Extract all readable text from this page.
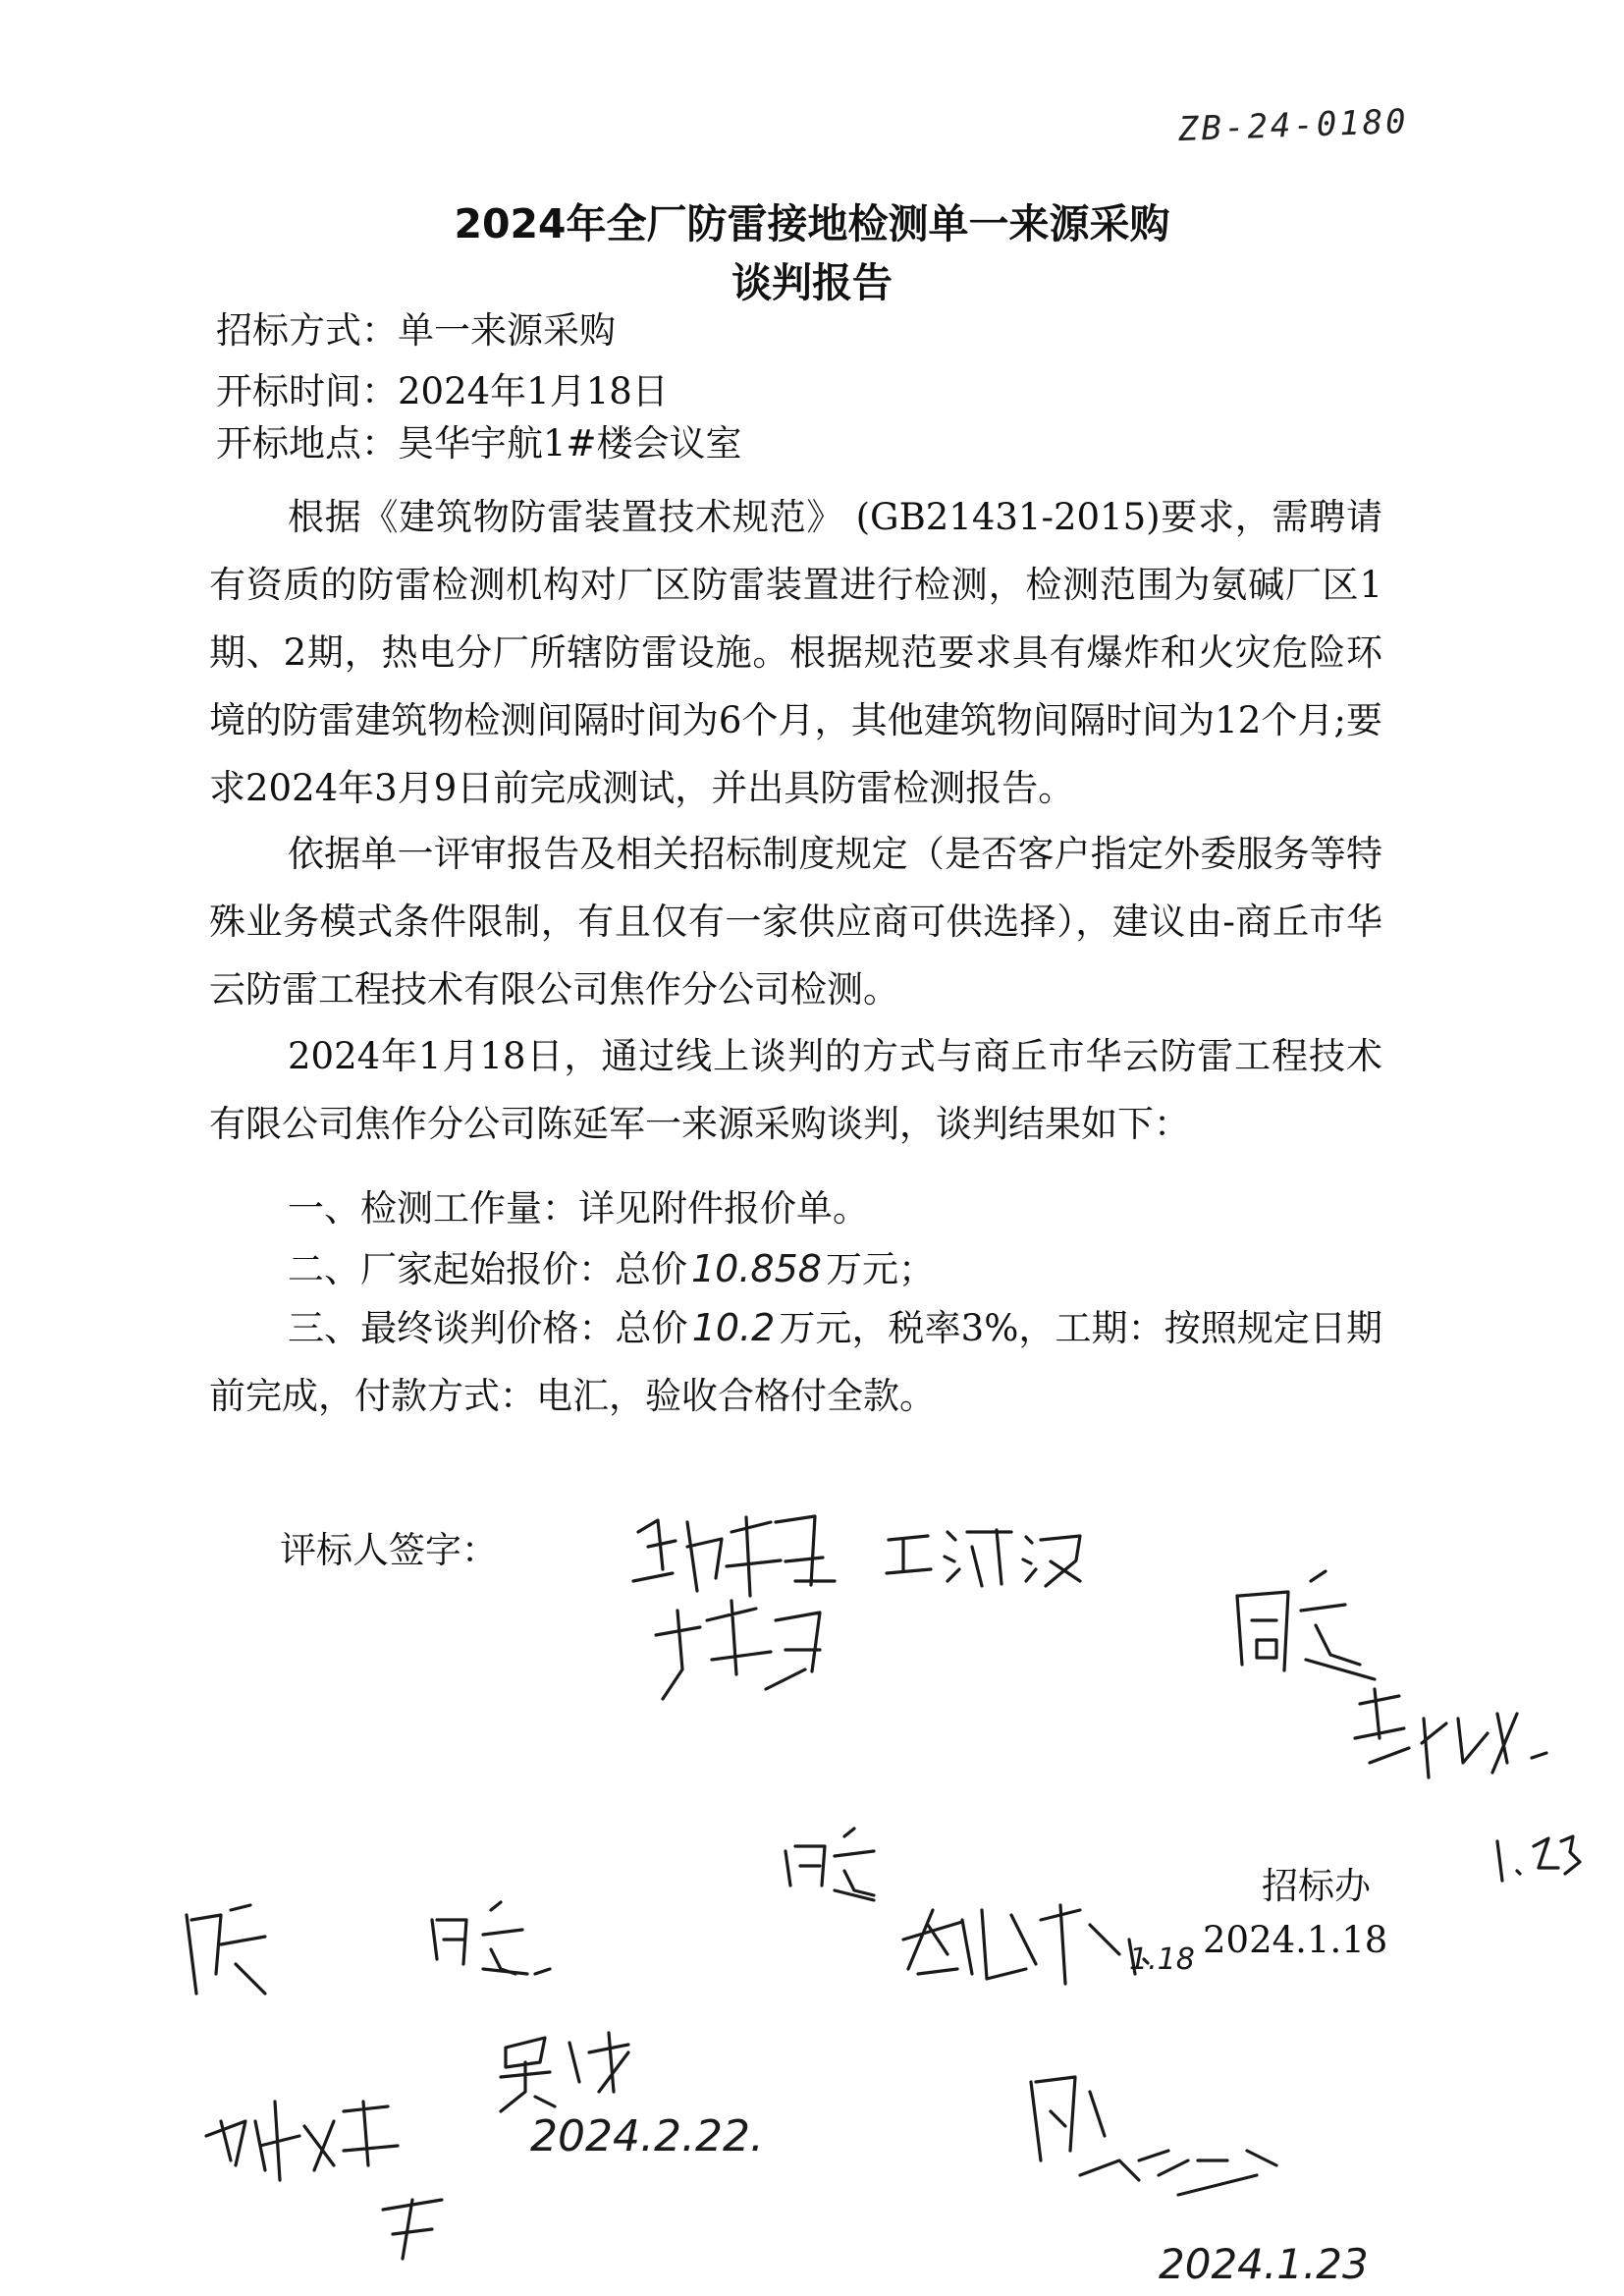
ZB-24-0180
2024年全厂防雷接地检测单一来源采购
谈判报告
招标方式：单一来源采购
开标时间：2024年1月18日
开标地点：昊华宇航1#楼会议室
根据《建筑物防雷装置技术规范》 (GB21431-2015)要求，需聘请有资质的防雷检测机构对厂区防雷装置进行检测，检测范围为氨碱厂区1期、2期，热电分厂所辖防雷设施。根据规范要求具有爆炸和火灾危险环境的防雷建筑物检测间隔时间为6个月，其他建筑物间隔时间为12个月;要求2024年3月9日前完成测试，并出具防雷检测报告。
依据单一评审报告及相关招标制度规定（是否客户指定外委服务等特殊业务模式条件限制，有且仅有一家供应商可供选择），建议由-商丘市华云防雷工程技术有限公司焦作分公司检测。
2024年1月18日，通过线上谈判的方式与商丘市华云防雷工程技术有限公司焦作分公司陈延军一来源采购谈判，谈判结果如下：
一、检测工作量：详见附件报价单。
二、厂家起始报价：总价 10.858 万元；
三、最终谈判价格：总价 10.2 万元，税率3%，工期：按照规定日期前完成，付款方式：电汇，验收合格付全款。
评标人签字：
招标办
2024.1.18
1.18
2024.2.22.
2024.1.23
